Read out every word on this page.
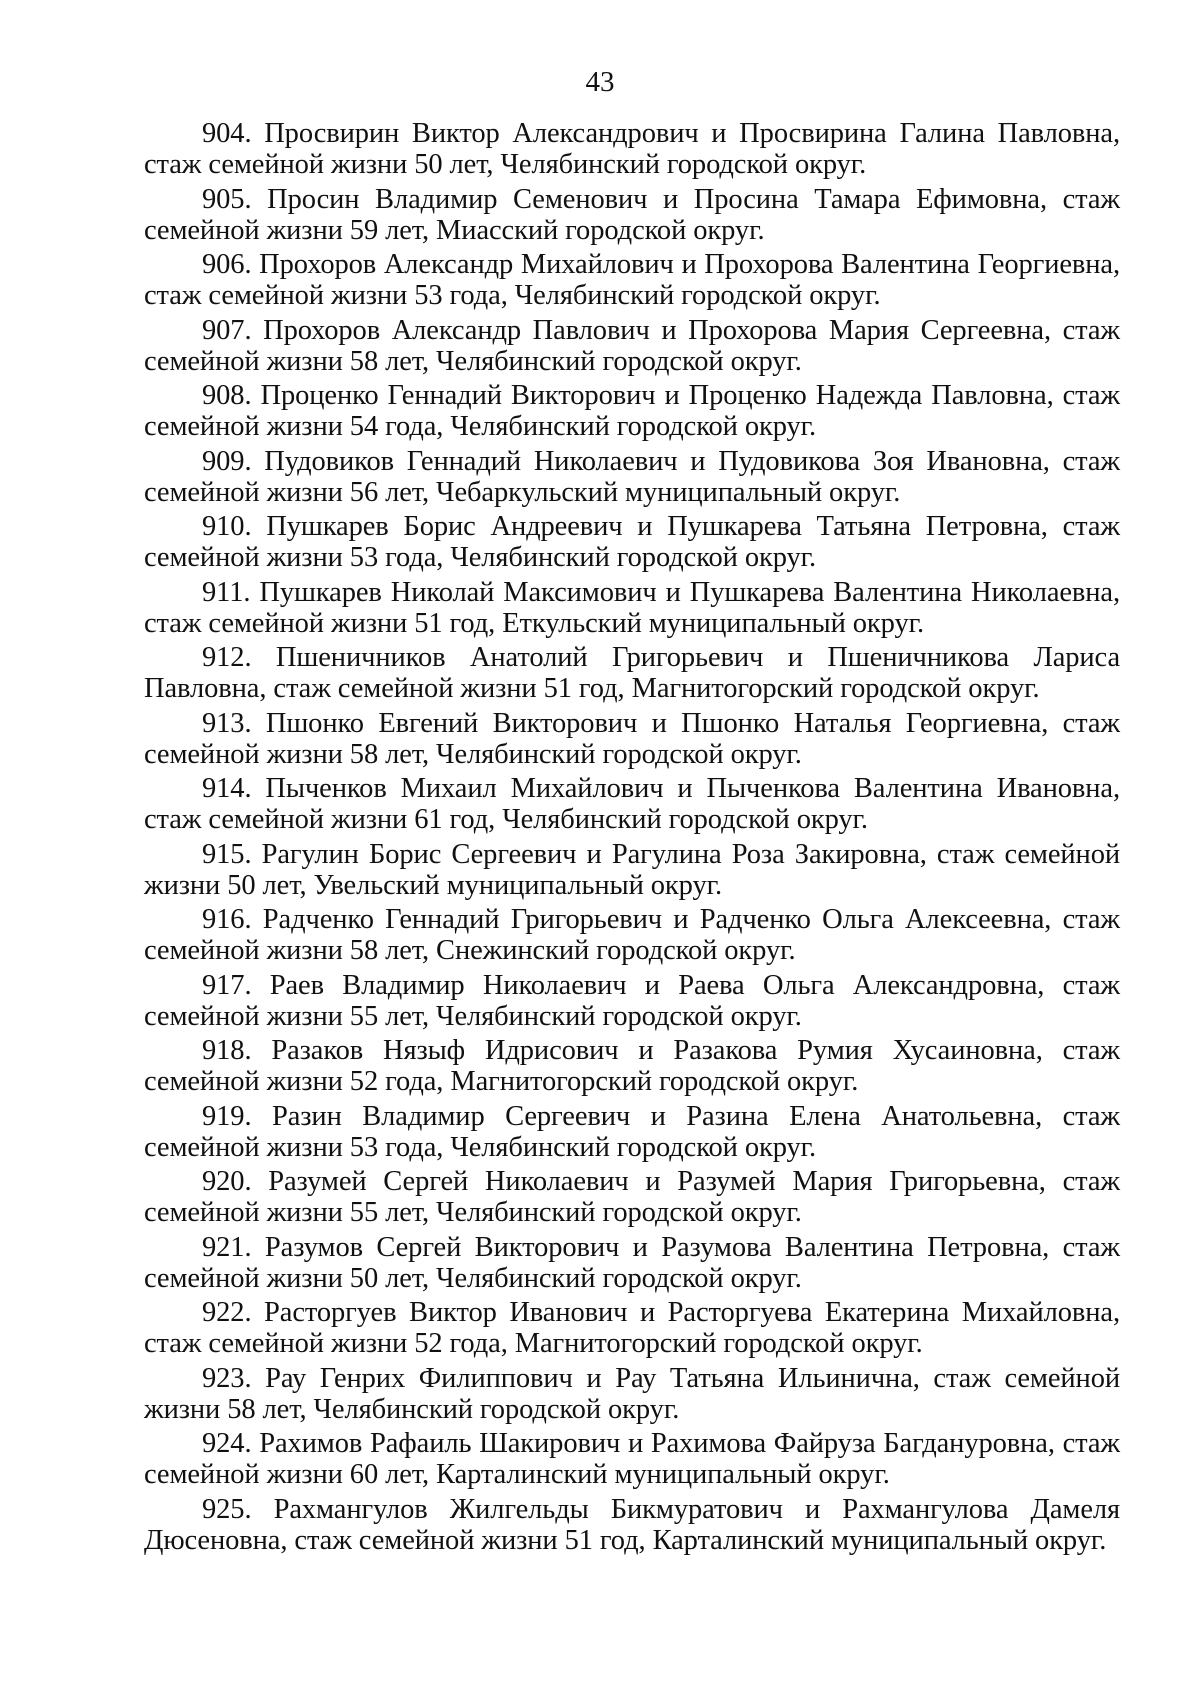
43

904. Просвирин Виктор Александрович и Просвирина Галина Павловна, стаж семейной жизни 50 лет, Челябинский городской округ.

905. Просин Владимир Семенович и Просина Тамара Ефимовна, стаж семейной жизни 59 лет, Миасский городской округ.

906. Прохоров Александр Михайлович и Прохорова Валентина Георгиевна, стаж семейной жизни 53 года, Челябинский городской округ.

907. Прохоров Александр Павлович и Прохорова Мария Сергеевна, стаж семейной жизни 58 лет, Челябинский городской округ.

908. Проценко Геннадий Викторович и Проценко Надежда Павловна, стаж семейной жизни 54 года, Челябинский городской округ.

909. Пудовиков Геннадий Николаевич и Пудовикова Зоя Ивановна, стаж семейной жизни 56 лет, Чебаркульский муниципальный округ.

910. Пушкарев Борис Андреевич и Пушкарева Татьяна Петровна, стаж семейной жизни 53 года, Челябинский городской округ.

911. Пушкарев Николай Максимович и Пушкарева Валентина Николаевна, стаж семейной жизни 51 год, Еткульский муниципальный округ.

912. Пшеничников Анатолий Григорьевич и Пшеничникова Лариса Павловна, стаж семейной жизни 51 год, Магнитогорский городской округ.

913. Пшонко Евгений Викторович и Пшонко Наталья Георгиевна, стаж семейной жизни 58 лет, Челябинский городской округ.

914. Пыченков Михаил Михайлович и Пыченкова Валентина Ивановна, стаж семейной жизни 61 год, Челябинский городской округ.

915. Рагулин Борис Сергеевич и Рагулина Роза Закировна, стаж семейной жизни 50 лет, Увельский муниципальный округ.

916. Радченко Геннадий Григорьевич и Радченко Ольга Алексеевна, стаж семейной жизни 58 лет, Снежинский городской округ.

917. Раев Владимир Николаевич и Раева Ольга Александровна, стаж семейной жизни 55 лет, Челябинский городской округ.

918. Разаков Нязыф Идрисович и Разакова Румия Хусаиновна, стаж семейной жизни 52 года, Магнитогорский городской округ.

919. Разин Владимир Сергеевич и Разина Елена Анатольевна, стаж семейной жизни 53 года, Челябинский городской округ.

920. Разумей Сергей Николаевич и Разумей Мария Григорьевна, стаж семейной жизни 55 лет, Челябинский городской округ.

921. Разумов Сергей Викторович и Разумова Валентина Петровна, стаж семейной жизни 50 лет, Челябинский городской округ.

922. Расторгуев Виктор Иванович и Расторгуева Екатерина Михайловна, стаж семейной жизни 52 года, Магнитогорский городской округ.

923. Рау Генрих Филиппович и Рау Татьяна Ильинична, стаж семейной жизни 58 лет, Челябинский городской округ.

924. Рахимов Рафаиль Шакирович и Рахимова Файруза Багдануровна, стаж семейной жизни 60 лет, Карталинский муниципальный округ.

925. Рахмангулов Жилгельды Бикмуратович и Рахмангулова Дамеля Дюсеновна, стаж семейной жизни 51 год, Карталинский муниципальный округ.
